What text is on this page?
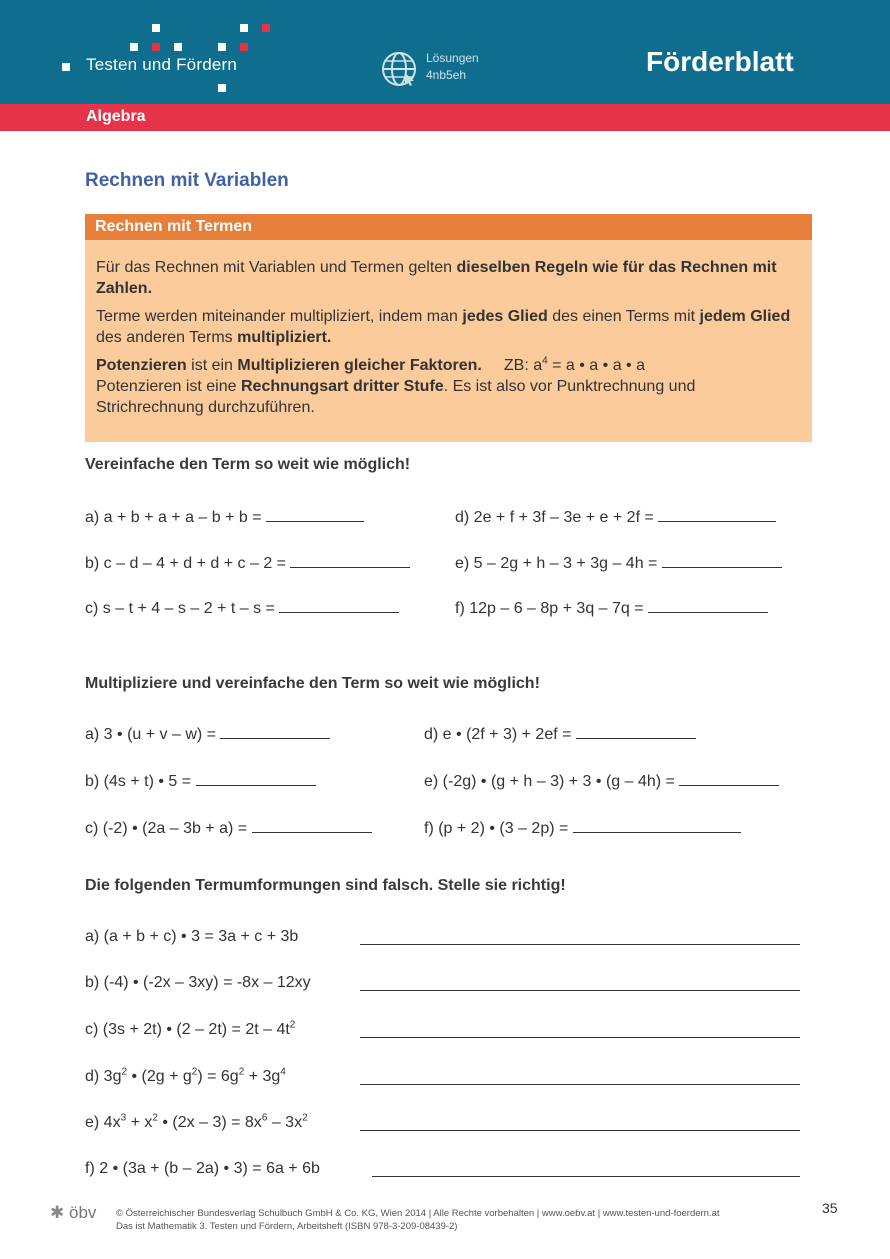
Testen und Fördern	Lösungen
4nb5eh	Förderblatt
Algebra
Rechnen mit Variablen
Rechnen mit Termen

Für das Rechnen mit Variablen und Termen gelten dieselben Regeln wie für das Rechnen mit Zahlen.

Terme werden miteinander multipliziert, indem man jedes Glied des einen Terms mit jedem Glied des anderen Terms multipliziert.

Potenzieren ist ein Multiplizieren gleicher Faktoren. ZB: $a^4 = a$ • a • a • a

Potenzieren ist eine Rechnungsart dritter Stufe. Es ist also vor Punktrechnung und Strichrechnung durchzuführen.

Vereinfache den Term so weit wie möglich!
a) a + b + a + a – b + b =
b) c – d – 4 + d + d + c – 2 =
c) s – t + 4 – s – 2 + t – s =
d) 2e + f + 3f – 3e + e + 2f =
e) 5 – 2g + h – 3 + 3g – 4h =
f) 12p – 6 – 8p + 3q – 7q =
Multipliziere und vereinfache den Term so weit wie möglich!
a) 3 • (u + v – w) =
b) (4s + t) • 5 =
c) (-2) • (2a – 3b + a) =
d) e • (2f + 3) + 2ef =
e) (-2g) • (g + h – 3) + 3 • (g – 4h) =
f) (p + 2) • (3 – 2p) =
Die folgenden Termumformungen sind falsch. Stelle sie richtig!
a) (a + b + c) • 3 = 3a + c + 3b
b) (-4) • (-2x – 3xy) = -8x – 12xy
c) (3s + 2t) • $(2 - 2t) = 2t - 4t^2$
d) $3g^2$ • $(2g + g^2) = 6g^2 + 3g^4$
e) $4x^3 + x^2$ • $(2x - 3) = 8x^6 - 3x^2$
f) 2 • (3a + (b – 2a) • 3) = 6a + 6b
✱ öbv © Österreichischer Bundesverlag Schulbuch GmbH & Co. KG, Wien 2014 | Alle Rechte vorbehalten | www.oebv.at | www.testen-und-foerdern.at
Das ist Mathematik 3. Testen und Fördern, Arbeitsheft (ISBN 978-3-209-08439-2)
35
